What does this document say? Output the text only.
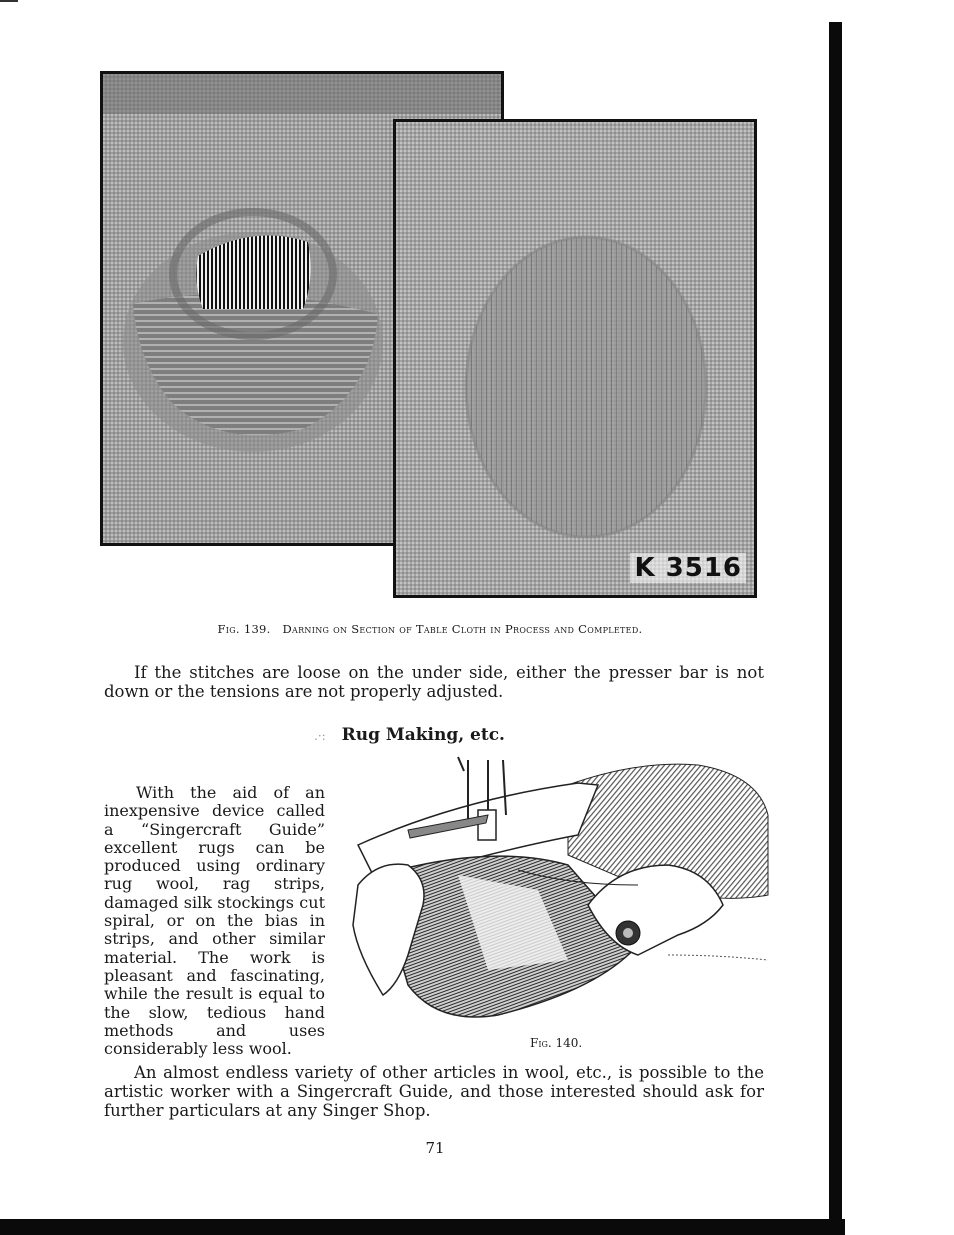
K 3516
Fig. 139. Darning on Section of Table Cloth in Process and Completed.

If the stitches are loose on the under side, either the presser bar is not down or the tensions are not properly adjusted.

.·: Rug Making, etc.

With the aid of an inexpensive device called a “Singercraft Guide” excellent rugs can be produced using ordinary rug wool, rag strips, damaged silk stockings cut spiral, or on the bias in strips, and other similar material. The work is pleasant and fascinating, while the result is equal to the slow, tedious hand methods and uses considerably less wool.	Fig. 140.

An almost endless variety of other articles in wool, etc., is possible to the artistic worker with a Singercraft Guide, and those interested should ask for further particulars at any Singer Shop.

71
